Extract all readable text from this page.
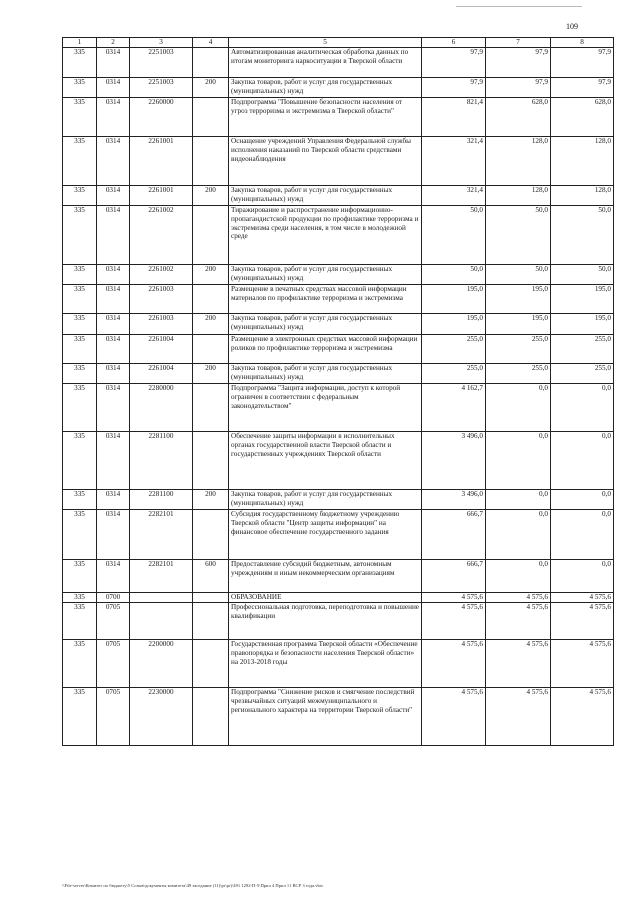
109
1	2	3	4	5	6	7	8
335	0314	2251003		Автоматизированная аналитическая обработка данных по итогам мониторинга наркоситуации в Тверской области	97,9	97,9	97,9
335	0314	2251003	200	Закупка товаров, работ и услуг для государственных (муниципальных) нужд	97,9	97,9	97,9
335	0314	2260000		Подпрограмма "Повышение безопасности населения от угроз терроризма и экстремизма в Тверской области"	821,4	628,0	628,0
335	0314	2261001		Оснащение учреждений Управления Федеральной службы исполнения наказаний по Тверской области средствами видеонаблюдения	321,4	128,0	128,0
335	0314	2261001	200	Закупка товаров, работ и услуг для государственных (муниципальных) нужд	321,4	128,0	128,0
335	0314	2261002		Тиражирование и распространение информационно-пропагандистской продукции по профилактике терроризма и экстремизма среди населения, в том числе в молодежной среде	50,0	50,0	50,0
335	0314	2261002	200	Закупка товаров, работ и услуг для государственных (муниципальных) нужд	50,0	50,0	50,0
335	0314	2261003		Размещение в печатных средствах массовой информации материалов по профилактике терроризма и экстремизма	195,0	195,0	195,0
335	0314	2261003	200	Закупка товаров, работ и услуг для государственных (муниципальных) нужд	195,0	195,0	195,0
335	0314	2261004		Размещение в электронных средствах массовой информации роликов по профилактике терроризма и экстремизма	255,0	255,0	255,0
335	0314	2261004	200	Закупка товаров, работ и услуг для государственных (муниципальных) нужд	255,0	255,0	255,0
335	0314	2280000		Подпрограмма "Защита информации, доступ к которой ограничен в соответствии с федеральным законодательством"	4 162,7	0,0	0,0
335	0314	2281100		Обеспечение защиты информации в исполнительных органах государственной власти Тверской области и государственных учреждениях Тверской области	3 496,0	0,0	0,0
335	0314	2281100	200	Закупка товаров, работ и услуг для государственных (муниципальных) нужд	3 496,0	0,0	0,0
335	0314	2282101		Субсидия государственному бюджетному учреждению Тверской области "Центр защиты информации" на финансовое обеспечение государственного задания	666,7	0,0	0,0
335	0314	2282101	600	Предоставление субсидий бюджетным, автономным учреждениям и иным некоммерческим организациям	666,7	0,0	0,0
335	0700			ОБРАЗОВАНИЕ	4 575,6	4 575,6	4 575,6
335	0705			Профессиональная подготовка, переподготовка и повышение квалификации	4 575,6	4 575,6	4 575,6
335	0705	2200000		Государственная программа Тверской области «Обеспечение правопорядка и безопасности населения Тверской области» на 2013-2018 годы	4 575,6	4 575,6	4 575,6
335	0705	2230000		Подпрограмма "Снижение рисков и смягчение последствий чрезвычайных ситуаций межмуниципального и регионального характера на территории Тверской области"	4 575,6	4 575,6	4 575,6
\\File-server\Комитет по бюджету\5 Созыв\документы комитета\49 заседание (11)\pr\pr)\491 1292-П-5\Прил 4 Прил 11 ВСР 3 года.vbw
